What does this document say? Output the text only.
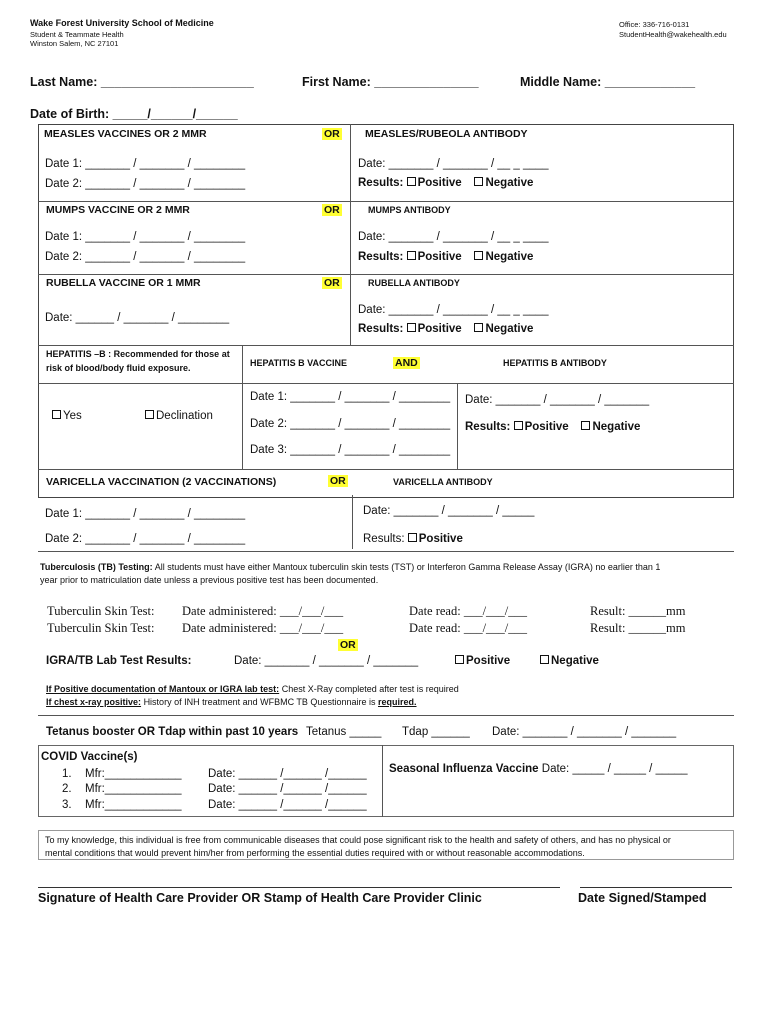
Wake Forest University School of Medicine
Student & Teammate Health
Winston Salem, NC 27101
Office: 336-716-0131
StudentHealth@wakehealth.edu
Last Name: ______________________	First Name: _______________	Middle Name: _____________
Date of Birth: _____/______/______
MEASLES VACCINES OR 2 MMR	OR MEASLES/RUBEOLA ANTIBODY
Date 1: _______ / _______ / ________
Date 2: _______ / _______ / ________
Date: _______ / _______ / __ _ ____
Results: Positive Negative
MUMPS VACCINE OR 2 MMR	OR	MUMPS ANTIBODY
Date 1: _______ / _______ / ________
Date 2: _______ / _______ / ________
Date: _______ / _______ / __ _ ____
Results: Positive Negative
RUBELLA VACCINE OR 1 MMR	OR	RUBELLA ANTIBODY
Date: ______ / _______ / ________
Date: _______ / _______ / __ _ ____
Results: Positive Negative
HEPATITIS –B : Recommended for those at
risk of blood/body fluid exposure.	HEPATITIS B VACCINE	AND	HEPATITIS B ANTIBODY
Yes	Declination
Date 1: _______ / _______ / ________
Date 2: _______ / _______ / ________
Date 3: _______ / _______ / ________
Date: _______ / _______ / _______
Results: Positive Negative
VARICELLA VACCINATION (2 VACCINATIONS)	OR	VARICELLA ANTIBODY
Date 1: _______ / _______ / ________
Date 2: _______ / _______ / ________
Date: _______ / _______ / _____
Results: Positive
Tuberculosis (TB) Testing: All students must have either Mantoux tuberculin skin tests (TST) or Interferon Gamma Release Assay (IGRA) no earlier than 1
year prior to matriculation date unless a previous positive test has been documented.
Tuberculin Skin Test: Date administered: ___/___/___	Date read: ___/___/___	Result: ______mm
Tuberculin Skin Test: Date administered: ___/___/___	Date read: ___/___/___	Result: ______mm
OR
IGRA/TB Lab Test Results:	Date: _______ / _______ / _______	Positive	Negative
If Positive documentation of Mantoux or IGRA lab test: Chest X-Ray completed after test is required
If chest x-ray positive: History of INH treatment and WFBMC TB Questionnaire is required.
Tetanus booster OR Tdap within past 10 years Tetanus _____ Tdap ______ Date: _______ / _______ / _______
COVID Vaccine(s)
1. Mfr:____________ Date: ______ /______ /______
2. Mfr:____________ Date: ______ /______ /______
3. Mfr:____________ Date: ______ /______ /______
Seasonal Influenza Vaccine Date: _____ / _____ / _____
To my knowledge, this individual is free from communicable diseases that could pose significant risk to the health and safety of others, and has no physical or
mental conditions that would prevent him/her from performing the essential duties required with or without reasonable accommodations.
Signature of Health Care Provider OR Stamp of Health Care Provider Clinic	Date Signed/Stamped
